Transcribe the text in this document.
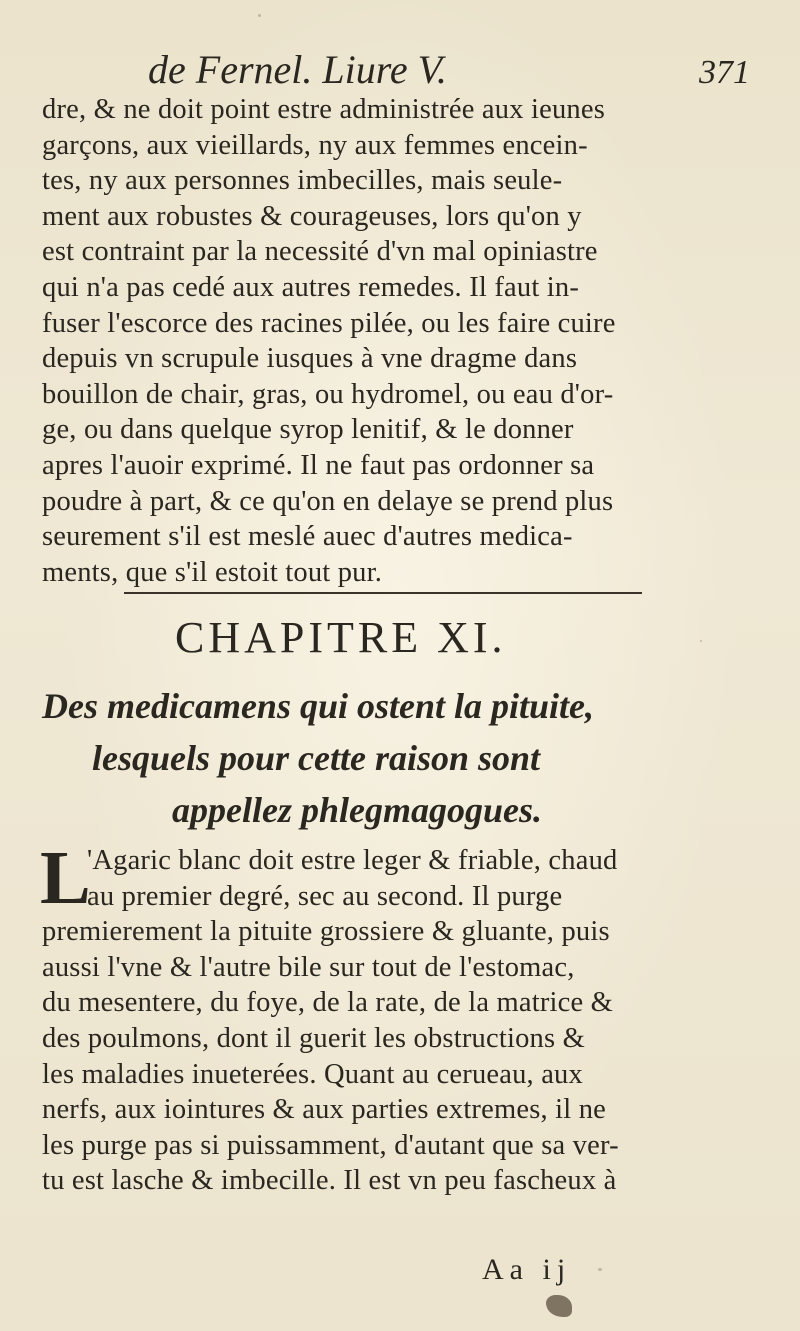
de Fernel. Liure V.	371
dre, & ne doit point estre administrée aux ieunes
garçons, aux vieillards, ny aux femmes encein-
tes, ny aux personnes imbecilles, mais seule-
ment aux robustes & courageuses, lors qu'on y
est contraint par la necessité d'vn mal opiniastre
qui n'a pas cedé aux autres remedes. Il faut in-
fuser l'escorce des racines pilée, ou les faire cuire
depuis vn scrupule iusques à vne dragme dans
bouillon de chair, gras, ou hydromel, ou eau d'or-
ge, ou dans quelque syrop lenitif, & le donner
apres l'auoir exprimé. Il ne faut pas ordonner sa
poudre à part, & ce qu'on en delaye se prend plus
seurement s'il est meslé auec d'autres medica-
ments, que s'il estoit tout pur.
CHAPITRE XI.
Des medicamens qui ostent la pituite,
lesquels pour cette raison sont
appellez phlegmagogues.
L
'Agaric blanc doit estre leger & friable, chaud
au premier degré, sec au second. Il purge
premierement la pituite grossiere & gluante, puis
aussi l'vne & l'autre bile sur tout de l'estomac,
du mesentere, du foye, de la rate, de la matrice &
des poulmons, dont il guerit les obstructions &
les maladies inueterées. Quant au cerueau, aux
nerfs, aux iointures & aux parties extremes, il ne
les purge pas si puissamment, d'autant que sa ver-
tu est lasche & imbecille. Il est vn peu fascheux à
Aa ij
